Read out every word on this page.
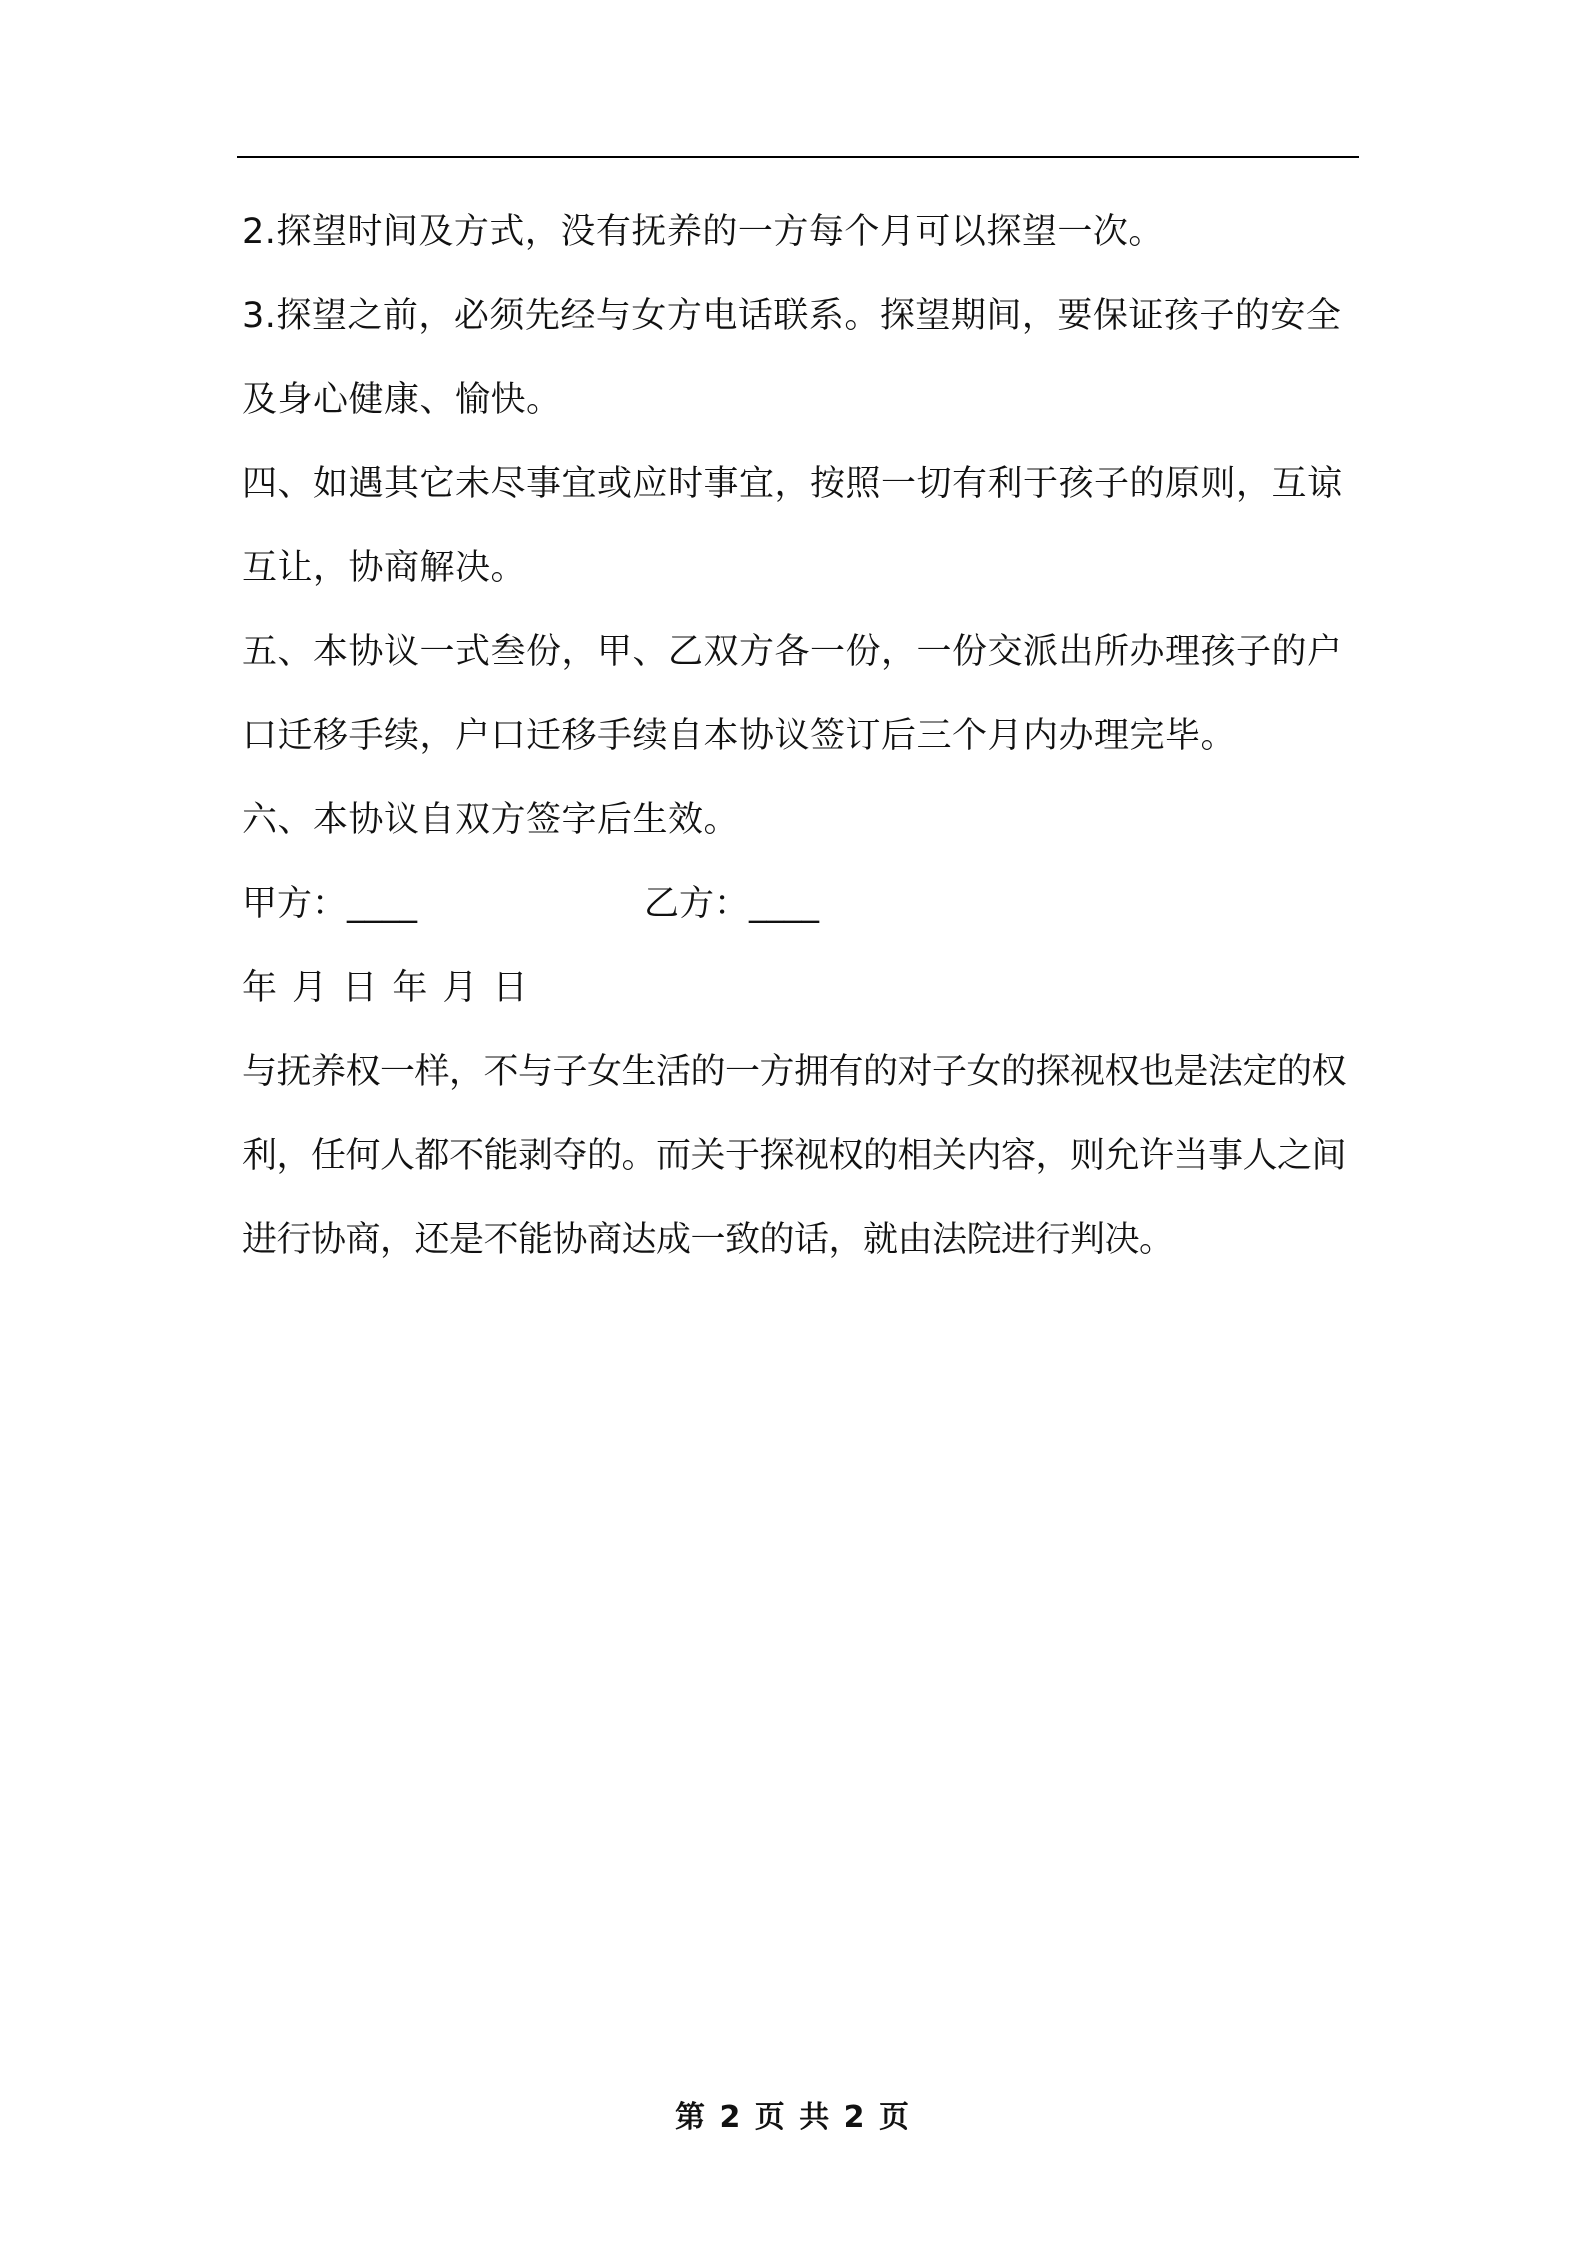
2.探望时间及方式，没有抚养的一方每个月可以探望一次。

3.探望之前，必须先经与女方电话联系。探望期间，要保证孩子的安全及身心健康、愉快。

四、如遇其它未尽事宜或应时事宜，按照一切有利于孩子的原则，互谅互让，协商解决。

五、本协议一式叁份，甲、乙双方各一份，一份交派出所办理孩子的户口迁移手续，户口迁移手续自本协议签订后三个月内办理完毕。

六、本协议自双方签字后生效。

甲方：____	乙方：____
年 月 日 年 月 日

与抚养权一样，不与子女生活的一方拥有的对子女的探视权也是法定的权利，任何人都不能剥夺的。而关于探视权的相关内容，则允许当事人之间进行协商，还是不能协商达成一致的话，就由法院进行判决。

第 2 页 共 2 页
